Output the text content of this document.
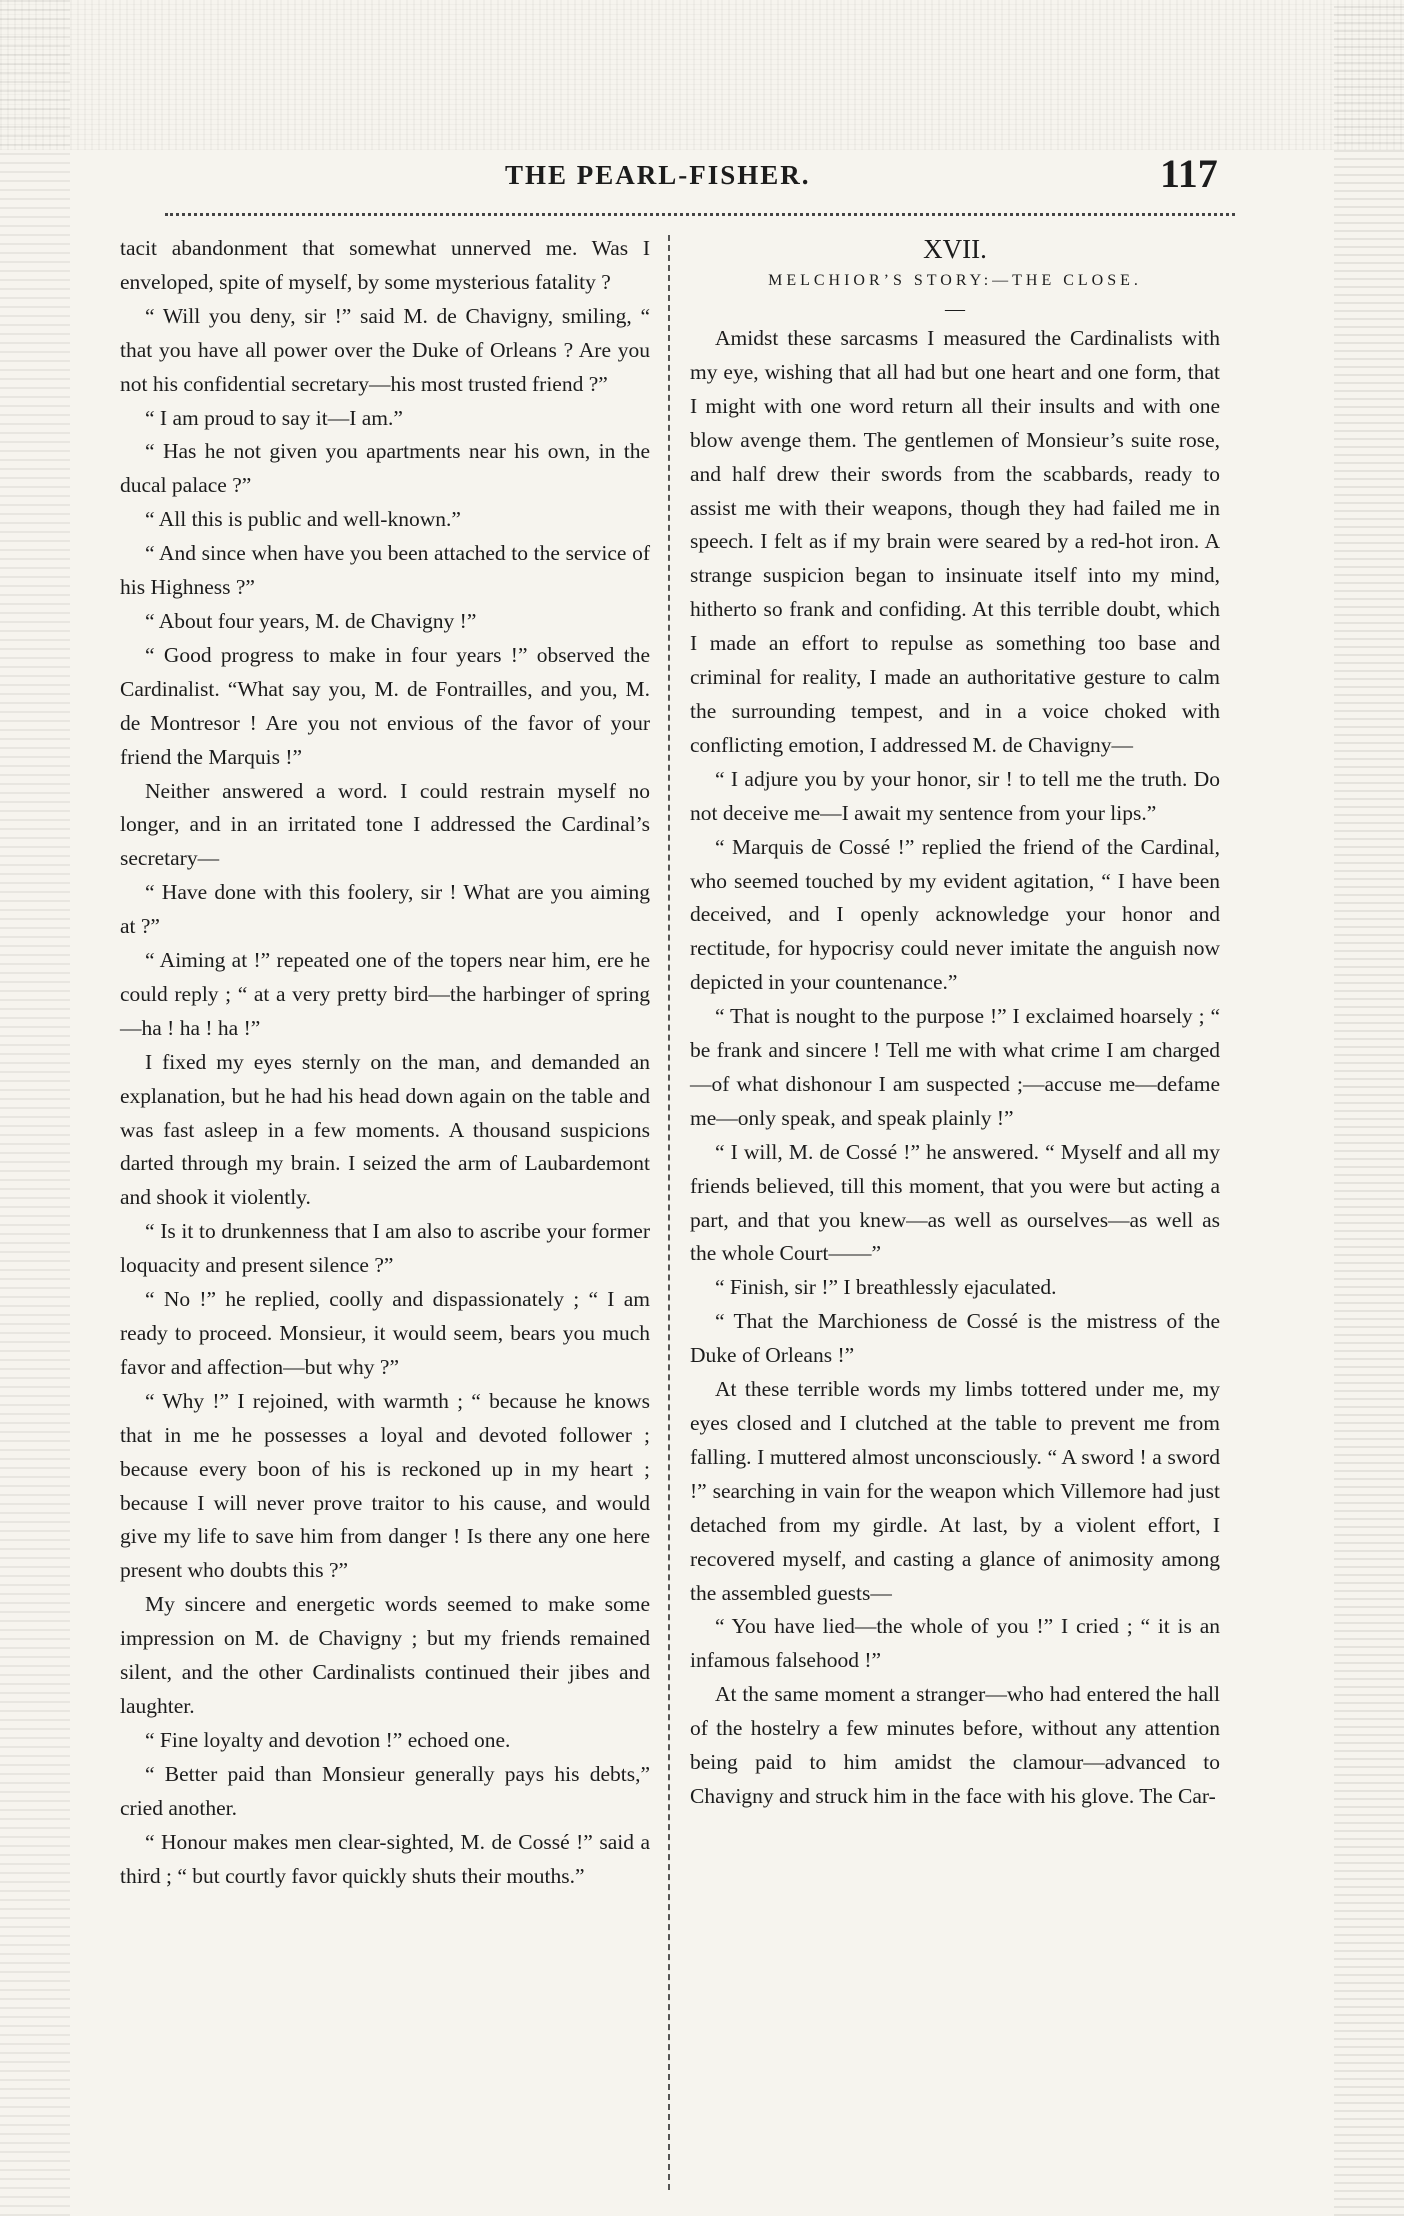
THE PEARL-FISHER.	117

tacit abandonment that somewhat unnerved me. Was I enveloped, spite of myself, by some mysterious fatality ?

“ Will you deny, sir !” said M. de Chavigny, smiling, “ that you have all power over the Duke of Orleans ? Are you not his confidential secretary—his most trusted friend ?”

“ I am proud to say it—I am.”

“ Has he not given you apartments near his own, in the ducal palace ?”

“ All this is public and well-known.”

“ And since when have you been attached to the service of his Highness ?”

“ About four years, M. de Chavigny !”

“ Good progress to make in four years !” observed the Cardinalist. “What say you, M. de Fontrailles, and you, M. de Montresor ! Are you not envious of the favor of your friend the Marquis !”

Neither answered a word. I could restrain myself no longer, and in an irritated tone I addressed the Cardinal’s secretary—

“ Have done with this foolery, sir ! What are you aiming at ?”

“ Aiming at !” repeated one of the topers near him, ere he could reply ; “ at a very pretty bird—the harbinger of spring—ha ! ha ! ha !”

I fixed my eyes sternly on the man, and demanded an explanation, but he had his head down again on the table and was fast asleep in a few moments. A thousand suspicions darted through my brain. I seized the arm of Laubardemont and shook it violently.

“ Is it to drunkenness that I am also to ascribe your former loquacity and present silence ?”

“ No !” he replied, coolly and dispassionately ; “ I am ready to proceed. Monsieur, it would seem, bears you much favor and affection—but why ?”

“ Why !” I rejoined, with warmth ; “ because he knows that in me he possesses a loyal and devoted follower ; because every boon of his is reckoned up in my heart ; because I will never prove traitor to his cause, and would give my life to save him from danger ! Is there any one here present who doubts this ?”

My sincere and energetic words seemed to make some impression on M. de Chavigny ; but my friends remained silent, and the other Cardinalists continued their jibes and laughter.

“ Fine loyalty and devotion !” echoed one.

“ Better paid than Monsieur generally pays his debts,” cried another.

“ Honour makes men clear-sighted, M. de Cossé !” said a third ; “ but courtly favor quickly shuts their mouths.”

XVII.

MELCHIOR’S STORY:—THE CLOSE.

—

Amidst these sarcasms I measured the Cardinalists with my eye, wishing that all had but one heart and one form, that I might with one word return all their insults and with one blow avenge them. The gentlemen of Monsieur’s suite rose, and half drew their swords from the scabbards, ready to assist me with their weapons, though they had failed me in speech. I felt as if my brain were seared by a red-hot iron. A strange suspicion began to insinuate itself into my mind, hitherto so frank and confiding. At this terrible doubt, which I made an effort to repulse as something too base and criminal for reality, I made an authoritative gesture to calm the surrounding tempest, and in a voice choked with conflicting emotion, I addressed M. de Chavigny—

“ I adjure you by your honor, sir ! to tell me the truth. Do not deceive me—I await my sentence from your lips.”

“ Marquis de Cossé !” replied the friend of the Cardinal, who seemed touched by my evident agitation, “ I have been deceived, and I openly acknowledge your honor and rectitude, for hypocrisy could never imitate the anguish now depicted in your countenance.”

“ That is nought to the purpose !” I exclaimed hoarsely ; “ be frank and sincere ! Tell me with what crime I am charged—of what dishonour I am suspected ;—accuse me—defame me—only speak, and speak plainly !”

“ I will, M. de Cossé !” he answered. “ Myself and all my friends believed, till this moment, that you were but acting a part, and that you knew—as well as ourselves—as well as the whole Court——”

“ Finish, sir !” I breathlessly ejaculated.

“ That the Marchioness de Cossé is the mistress of the Duke of Orleans !”

At these terrible words my limbs tottered under me, my eyes closed and I clutched at the table to prevent me from falling. I muttered almost unconsciously. “ A sword ! a sword !” searching in vain for the weapon which Villemore had just detached from my girdle. At last, by a violent effort, I recovered myself, and casting a glance of animosity among the assembled guests—

“ You have lied—the whole of you !” I cried ; “ it is an infamous falsehood !”

At the same moment a stranger—who had entered the hall of the hostelry a few minutes before, without any attention being paid to him amidst the clamour—advanced to Chavigny and struck him in the face with his glove. The Car-
